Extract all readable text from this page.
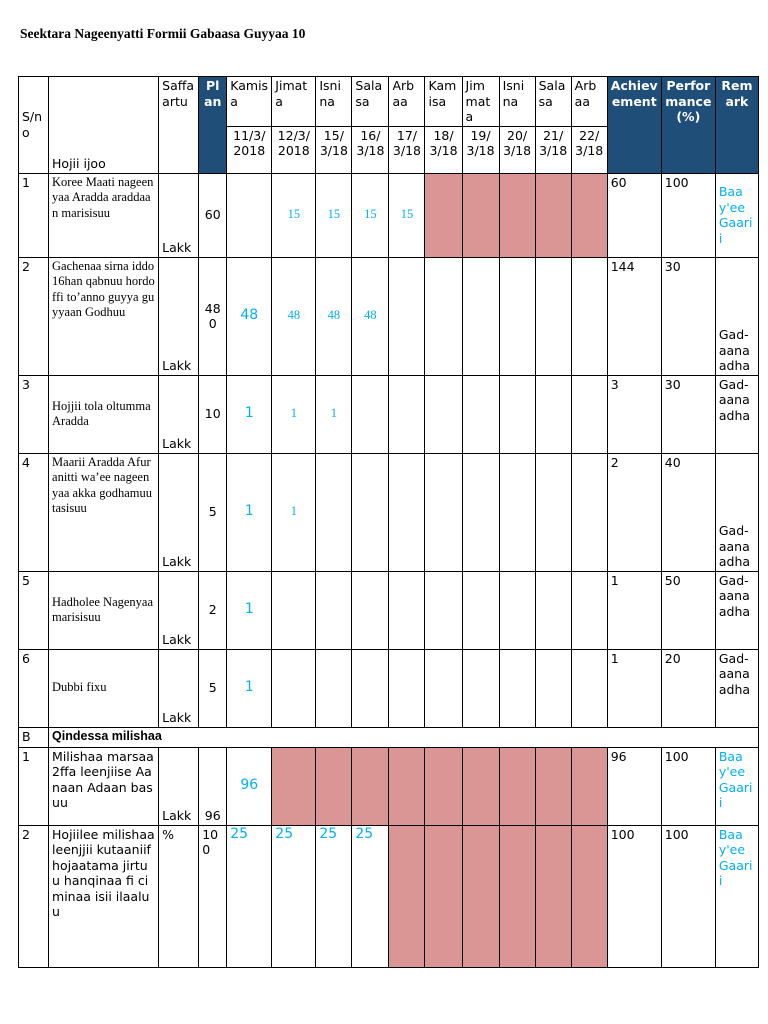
Seektara Nageenyatti Formii Gabaasa Guyyaa 10
S/no	Hojii ijoo	Saffaartu	Plan	Kamisa	Jimata	Isnina	Salasa	Arbaa	Kamisa	Jimmata	Isnina	Salasa	Arbaa	Achievement	Performance (%)	Remark
				11/3/2018	12/3/2018	15/3/18	16/3/18	17/3/18	18/3/18	19/3/18	20/3/18	21/3/18	22/3/18			
1	Koree Maati nageenyaa Aradda araddaan marisisuu	Lakk	60		15	15	15	15						60	100	Baay'ee Gaarii
2	Gachenaa sirna iddo 16han qabnuu hordoffi to’anno guyya guyyaan Godhuu	Lakk	480	48	48	48	48							144	30	Gad-aanaadha
3	Hojjii tola oltumma Aradda	Lakk	10	1	1	1								3	30	Gad-aanaadha
4	Maarii Aradda Afuranitti wa’ee nageenyaa akka godhamuu tasisuu	Lakk	5	1	1									2	40	Gad-aanaadha
5	Hadholee Nagenyaa marisisuu	Lakk	2	1										1	50	Gad-aanaadha
6	Dubbi fixu	Lakk	5	1										1	20	Gad-aanaadha
B	Qindessa milishaa															
1	Milishaa marsaa 2ffa leenjiise Aanaan Adaan basuu	Lakk	96	96										96	100	Baay'ee Gaarii
2	Hojiilee milishaa leenjjii kutaaniif hojaatama jirtuu hanqinaa fi ciminaa isii ilaaluu	%	100	25	25	25	25							100	100	Baay'ee Gaarii
